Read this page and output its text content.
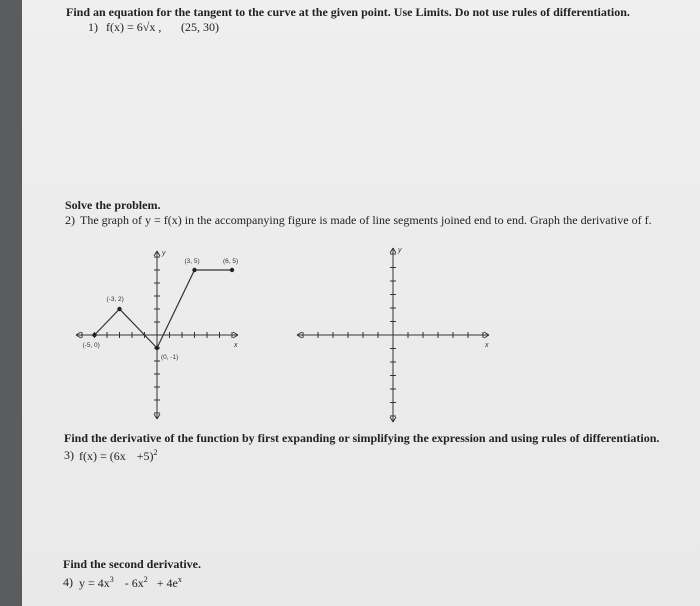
Find an equation for the tangent to the curve at the given point. Use Limits. Do not use rules of differentiation.
1) f(x) = 6√x , (25, 30)
Solve the problem.
2) The graph of y = f(x) in the accompanying figure is made of line segments joined end to end. Graph the derivative of f.
x
y
(-5, 0)
(-3, 2)
(0, -1)
(3, 5)	(6, 5)
x
y
Find the derivative of the function by first expanding or simplifying the expression and using rules of differentiation.
3) $f(x) = (6x +5)^2$
Find the second derivative.
4) $y = 4x^3 - 6x^2 + 4e^x$
